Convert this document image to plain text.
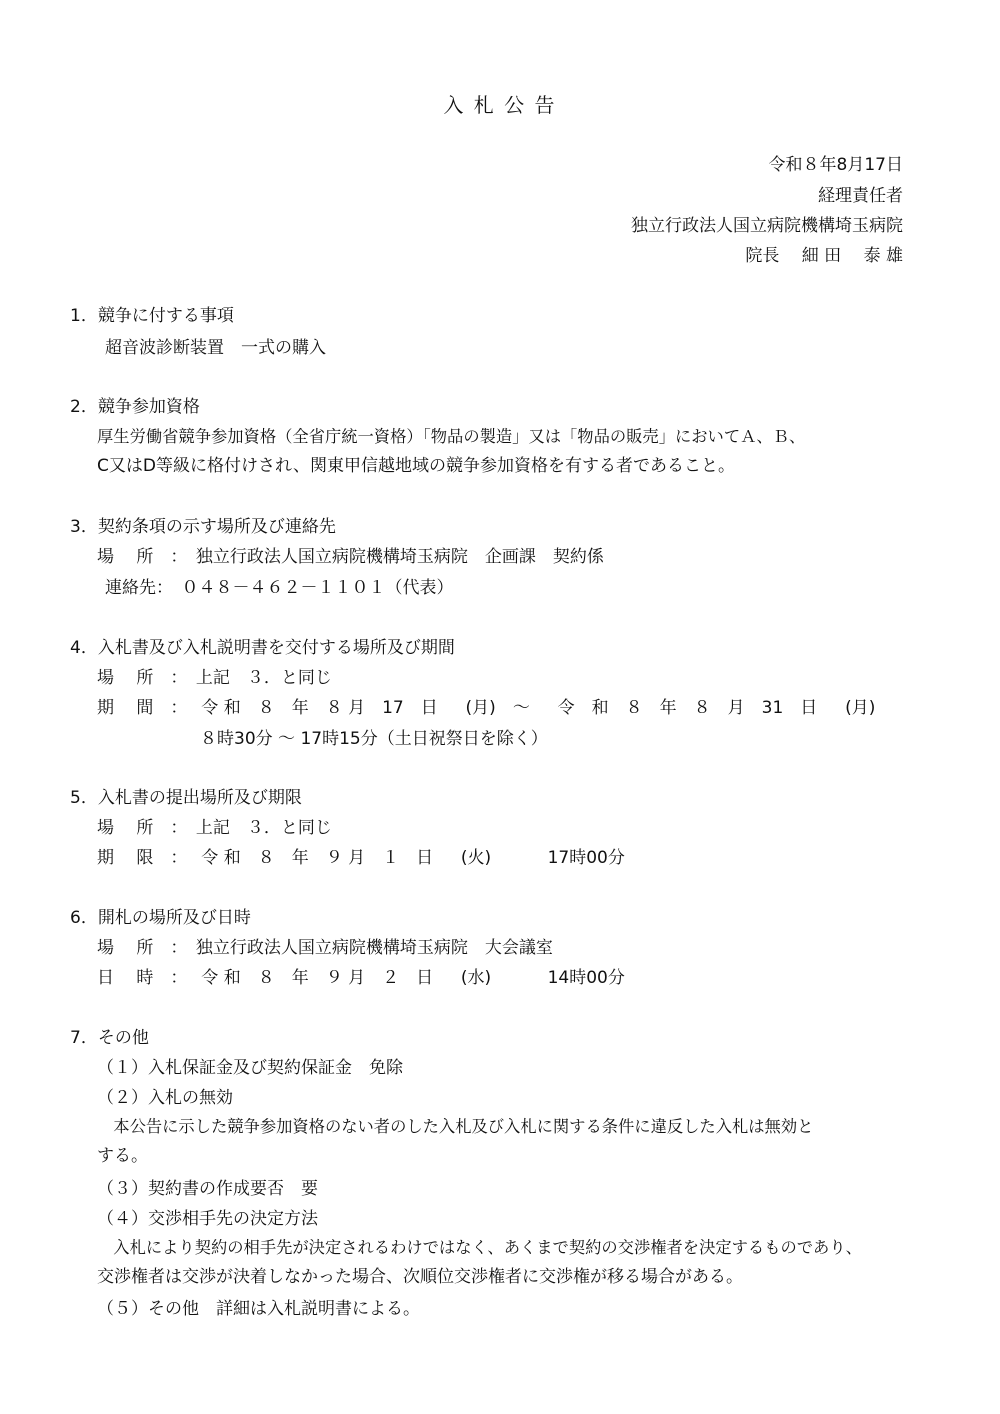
入 札 公 告
令和８年8月17日
経理責任者
独立行政法人国立病院機構埼玉病院
院長　 細 田　 泰 雄
1．競争に付する事項
超音波診断装置　一式の購入
2．競争参加資格
厚生労働省競争参加資格（全省庁統一資格）「物品の製造」又は「物品の販売」においてＡ、Ｂ、
C又はD等級に格付けされ、関東甲信越地域の競争参加資格を有する者であること。
3．契約条項の示す場所及び連絡先
場　 所　：　独立行政法人国立病院機構埼玉病院　企画課　契約係
連絡先：　０４８－４６２－１１０１（代表）
4．入札書及び入札説明書を交付する場所及び期間
場　 所　：　上記　３．と同じ
期　 間　：　 令 和　８　年　８ 月　17　日　  (月)　～　  令　和　８　年　８　月　31　日　  (月)
８時30分 ～ 17時15分（土日祝祭日を除く）
5．入札書の提出場所及び期限
場　 所　：　上記　３．と同じ
期　 限　：　 令 和　８　年　９ 月　１　日　  (火)　　　 17時00分
6．開札の場所及び日時
場　 所　：　独立行政法人国立病院機構埼玉病院　大会議室
日　 時　：　 令 和　８　年　９ 月　２　日　  (水)　　　 14時00分
7．その他
（１）入札保証金及び契約保証金　免除
（２）入札の無効
　本公告に示した競争参加資格のない者のした入札及び入札に関する条件に違反した入札は無効と
する。
（３）契約書の作成要否　要
（４）交渉相手先の決定方法
　入札により契約の相手先が決定されるわけではなく、あくまで契約の交渉権者を決定するものであり、
交渉権者は交渉が決着しなかった場合、次順位交渉権者に交渉権が移る場合がある。
（５）その他　詳細は入札説明書による。
